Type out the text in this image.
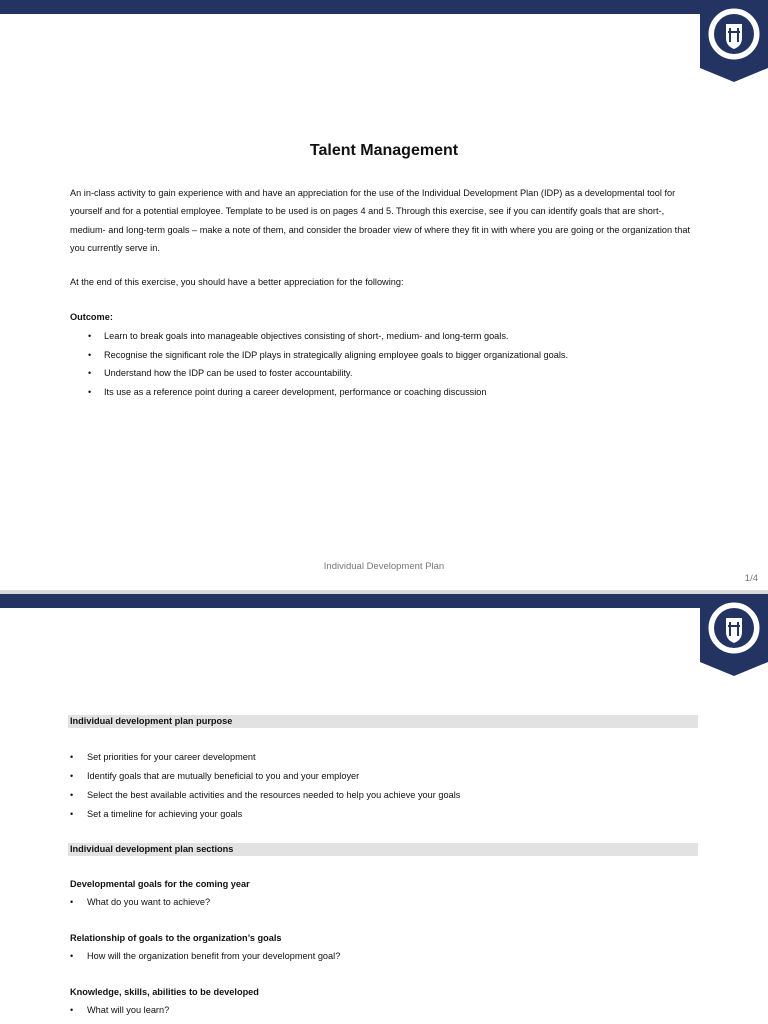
Talent Management
An in-class activity to gain experience with and have an appreciation for the use of the Individual Development Plan (IDP) as a developmental tool for yourself and for a potential employee. Template to be used is on pages 4 and 5. Through this exercise, see if you can identify goals that are short-, medium- and long-term goals – make a note of them, and consider the broader view of where they fit in with where you are going or the organization that you currently serve in.
At the end of this exercise, you should have a better appreciation for the following:
Outcome:
• Learn to break goals into manageable objectives consisting of short-, medium- and long-term goals.
• Recognise the significant role the IDP plays in strategically aligning employee goals to bigger organizational goals.
• Understand how the IDP can be used to foster accountability.
• Its use as a reference point during a career development, performance or coaching discussion
Individual Development Plan
1/4
Individual development plan purpose
• Set priorities for your career development
• Identify goals that are mutually beneficial to you and your employer
• Select the best available activities and the resources needed to help you achieve your goals
• Set a timeline for achieving your goals
Individual development plan sections
Developmental goals for the coming year
• What do you want to achieve?
Relationship of goals to the organization’s goals
• How will the organization benefit from your development goal?
Knowledge, skills, abilities to be developed
• What will you learn?
